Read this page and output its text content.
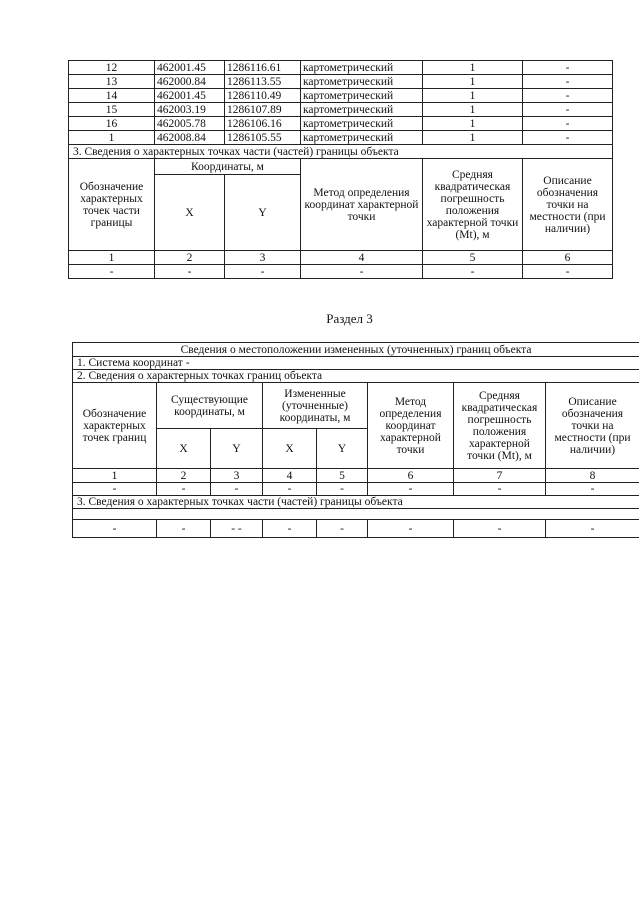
12	462001.45	1286116.61	картометрический	1	-
13	462000.84	1286113.55	картометрический	1	-
14	462001.45	1286110.49	картометрический	1	-
15	462003.19	1286107.89	картометрический	1	-
16	462005.78	1286106.16	картометрический	1	-
1	462008.84	1286105.55	картометрический	1	-
3. Сведения о характерных точках части (частей) границы объекта					
Обозначение характерных точек части границы	Координаты, м		Метод определения координат характерной точки	Средняя квадратическая погрешность положения характерной точки (Mt), м	Описание обозначения точки на местности (при наличии)
	X	Y			
1	2	3	4	5	6
-	-	-	-	-	-
Раздел 3
Сведения о местоположении измененных (уточненных) границ объекта							
1. Система координат -							
2. Сведения о характерных точках границ объекта							
Обозначение характерных точек границ	Существующие координаты, м		Измененные (уточненные) координаты, м		Метод определения координат характерной точки	Средняя квадратическая погрешность положения характерной точки (Mt), м	Описание обозначения точки на местности (при наличии)
	X	Y	X	Y			
1	2	3	4	5	6	7	8
-	-	-	-	-	-	-	-
3. Сведения о характерных точках части (частей) границы объекта							

-	-	- -	-	-	-	-	-
